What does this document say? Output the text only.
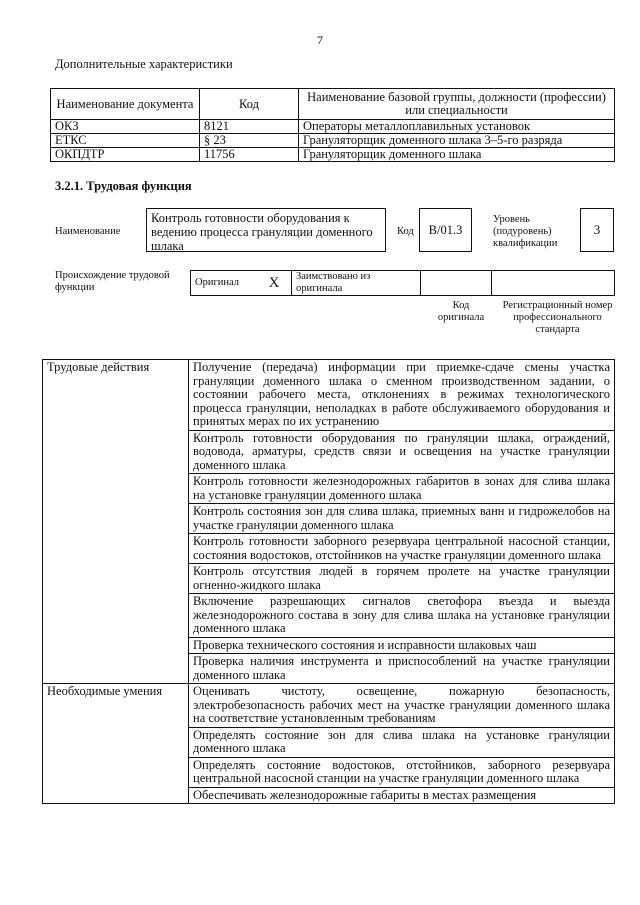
7
Дополнительные характеристики
Наименование документа	Код	Наименование базовой группы, должности (профессии) или специальности
ОКЗ	8121	Операторы металлоплавильных установок
ЕТКС	§ 23	Грануляторщик доменного шлака 3–5-го разряда
ОКПДТР	11756	Грануляторщик доменного шлака
3.2.1. Трудовая функция
Наименование
Контроль готовности оборудования к ведению процесса грануляции доменного шлака
Код	В/01.3
Уровень (подуровень) квалификации
3
Происхождение трудовой функции	Оригинал	X	Заимствовано из оригинала		
Код оригинала
Регистрационный номер профессионального стандарта
Трудовые действия	Получение (передача) информации при приемке-сдаче смены участка грануляции доменного шлака о сменном производственном задании, о состоянии рабочего места, отклонениях в режимах технологического процесса грануляции, неполадках в работе обслуживаемого оборудования и принятых мерах по их устранению
	Контроль готовности оборудования по грануляции шлака, ограждений, водовода, арматуры, средств связи и освещения на участке грануляции доменного шлака
	Контроль готовности железнодорожных габаритов в зонах для слива шлака на установке грануляции доменного шлака
	Контроль состояния зон для слива шлака, приемных ванн и гидрожелобов на участке грануляции доменного шлака
	Контроль готовности заборного резервуара центральной насосной станции, состояния водостоков, отстойников на участке грануляции доменного шлака
	Контроль отсутствия людей в горячем пролете на участке грануляции огненно-жидкого шлака
	Включение разрешающих сигналов светофора въезда и выезда железнодорожного состава в зону для слива шлака на установке грануляции доменного шлака
	Проверка технического состояния и исправности шлаковых чаш
	Проверка наличия инструмента и приспособлений на участке грануляции доменного шлака
Необходимые умения	Оценивать чистоту, освещение, пожарную безопасность, электробезопасность рабочих мест на участке грануляции доменного шлака на соответствие установленным требованиям
	Определять состояние зон для слива шлака на установке грануляции доменного шлака
	Определять состояние водостоков, отстойников, заборного резервуара центральной насосной станции на участке грануляции доменного шлака
	Обеспечивать железнодорожные габариты в местах размещения
